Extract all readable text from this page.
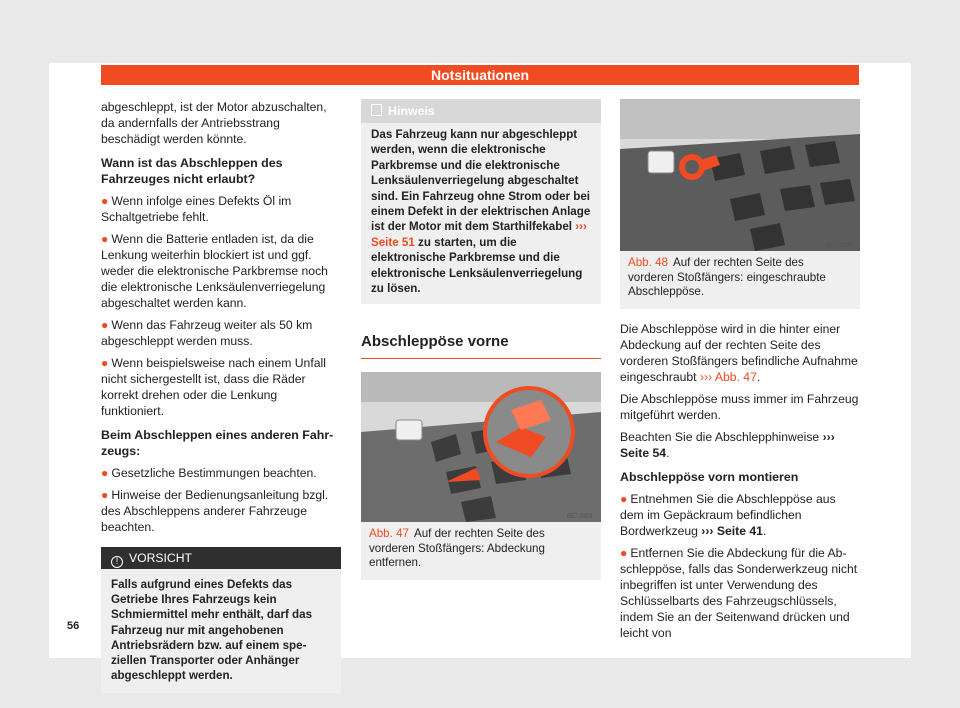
Notsituationen

abgeschleppt, ist der Motor abzuschalten, da andernfalls der Antriebsstrang beschädigt werden könnte.

Wann ist das Abschleppen des Fahrzeuges nicht erlaubt?

● Wenn infolge eines Defekts Öl im Schaltgetriebe fehlt.

● Wenn die Batterie entladen ist, da die Lenkung weiterhin blockiert ist und ggf. weder die elektronische Parkbremse noch die elektronische Lenksäulenverriegelung abgeschaltet werden kann.

● Wenn das Fahrzeug weiter als 50 km abgeschleppt werden muss.

● Wenn beispielsweise nach einem Unfall nicht sichergestellt ist, dass die Räder korrekt drehen oder die Lenkung funktioniert.

Beim Abschleppen eines anderen Fahrzeugs:

● Gesetzliche Bestimmungen beachten.

● Hinweise der Bedienungsanleitung bzgl. des Abschleppens anderer Fahrzeuge beachten.

! VORSICHT
Falls aufgrund eines Defekts das Getriebe Ihres Fahrzeugs kein Schmiermittel mehr enthält, darf das Fahrzeug nur mit angehobenen Antriebsrädern bzw. auf einem speziellen Transporter oder Anhänger abgeschleppt werden.
Hinweis
Das Fahrzeug kann nur abgeschleppt werden, wenn die elektronische Parkbremse und die elektronische Lenksäulenverriegelung abgeschaltet sind. Ein Fahrzeug ohne Strom oder bei einem Defekt in der elektrischen Anlage ist der Motor mit dem Starthilfekabel ››› Seite 51 zu starten, um die elektronische Parkbremse und die elektronische Lenksäulenverriegelung zu lösen.
Abschleppöse vorne
B57-0301
Abb. 47 Auf der rechten Seite des vorderen Stoßfängers: Abdeckung entfernen.
B57-0228
Abb. 48 Auf der rechten Seite des vorderen Stoßfängers: eingeschraubte Abschleppöse.

Die Abschleppöse wird in die hinter einer Abdeckung auf der rechten Seite des vorderen Stoßfängers befindliche Aufnahme eingeschraubt ››› Abb. 47.

Die Abschleppöse muss immer im Fahrzeug mitgeführt werden.

Beachten Sie die Abschlepphinweise ››› Seite 54.

Abschleppöse vorn montieren

● Entnehmen Sie die Abschleppöse aus dem im Gepäckraum befindlichen Bordwerkzeug ››› Seite 41.

● Entfernen Sie die Abdeckung für die Abschleppöse, falls das Sonderwerkzeug nicht inbegriffen ist unter Verwendung des Schlüsselbarts des Fahrzeugschlüssels, indem Sie an der Seitenwand drücken und leicht von

56
